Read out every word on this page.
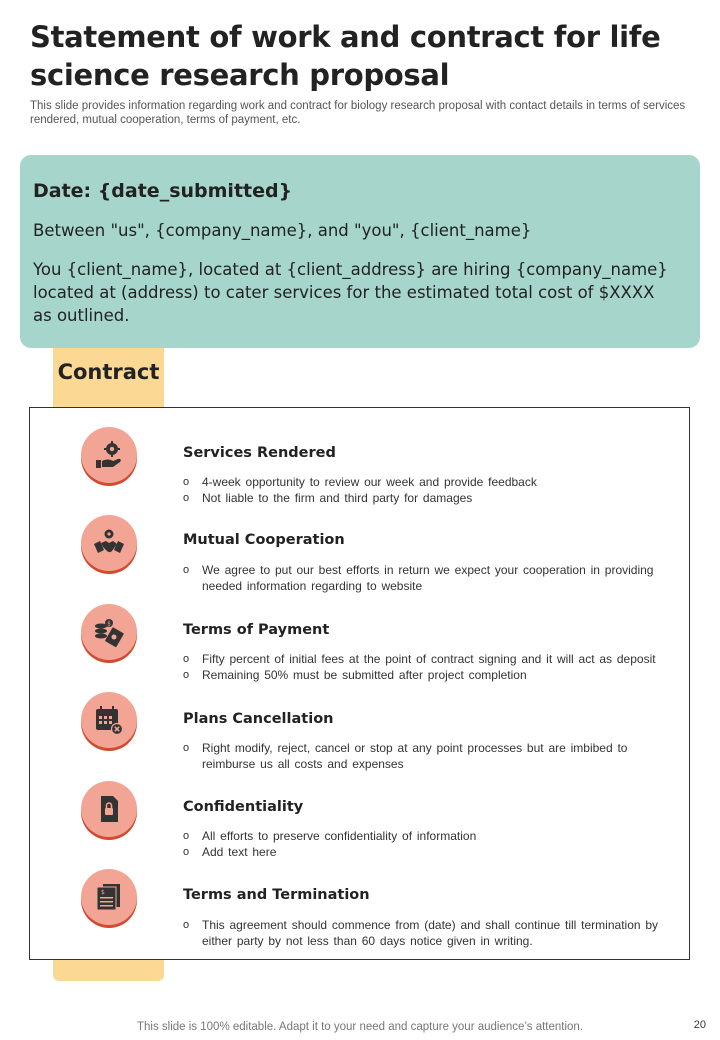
Statement of work and contract for life science research proposal

This slide provides information regarding work and contract for biology research proposal with contact details in terms of services rendered, mutual cooperation, terms of payment, etc.

Date: {date_submitted}
Between "us", {company_name}, and "you", {client_name}
You {client_name}, located at {client_address} are hiring {company_name} located at (address) to cater services for the estimated total cost of $XXXX as outlined.
Contract
Services Rendered
o 4-week opportunity to review our week and provide feedback
o Not liable to the firm and third party for damages
Mutual Cooperation
o We agree to put our best efforts in return we expect your cooperation in providing needed information regarding to website
$	Terms of Payment
o Fifty percent of initial fees at the point of contract signing and it will act as deposit
o Remaining 50% must be submitted after project completion
Plans Cancellation
o Right modify, reject, cancel or stop at any point processes but are imbibed to reimburse us all costs and expenses
Confidentiality
o All efforts to preserve confidentiality of information
o Add text here
$	Terms and Termination
o This agreement should commence from (date) and shall continue till termination by either party by not less than 60 days notice given in writing.
This slide is 100% editable. Adapt it to your need and capture your audience’s attention.	20
